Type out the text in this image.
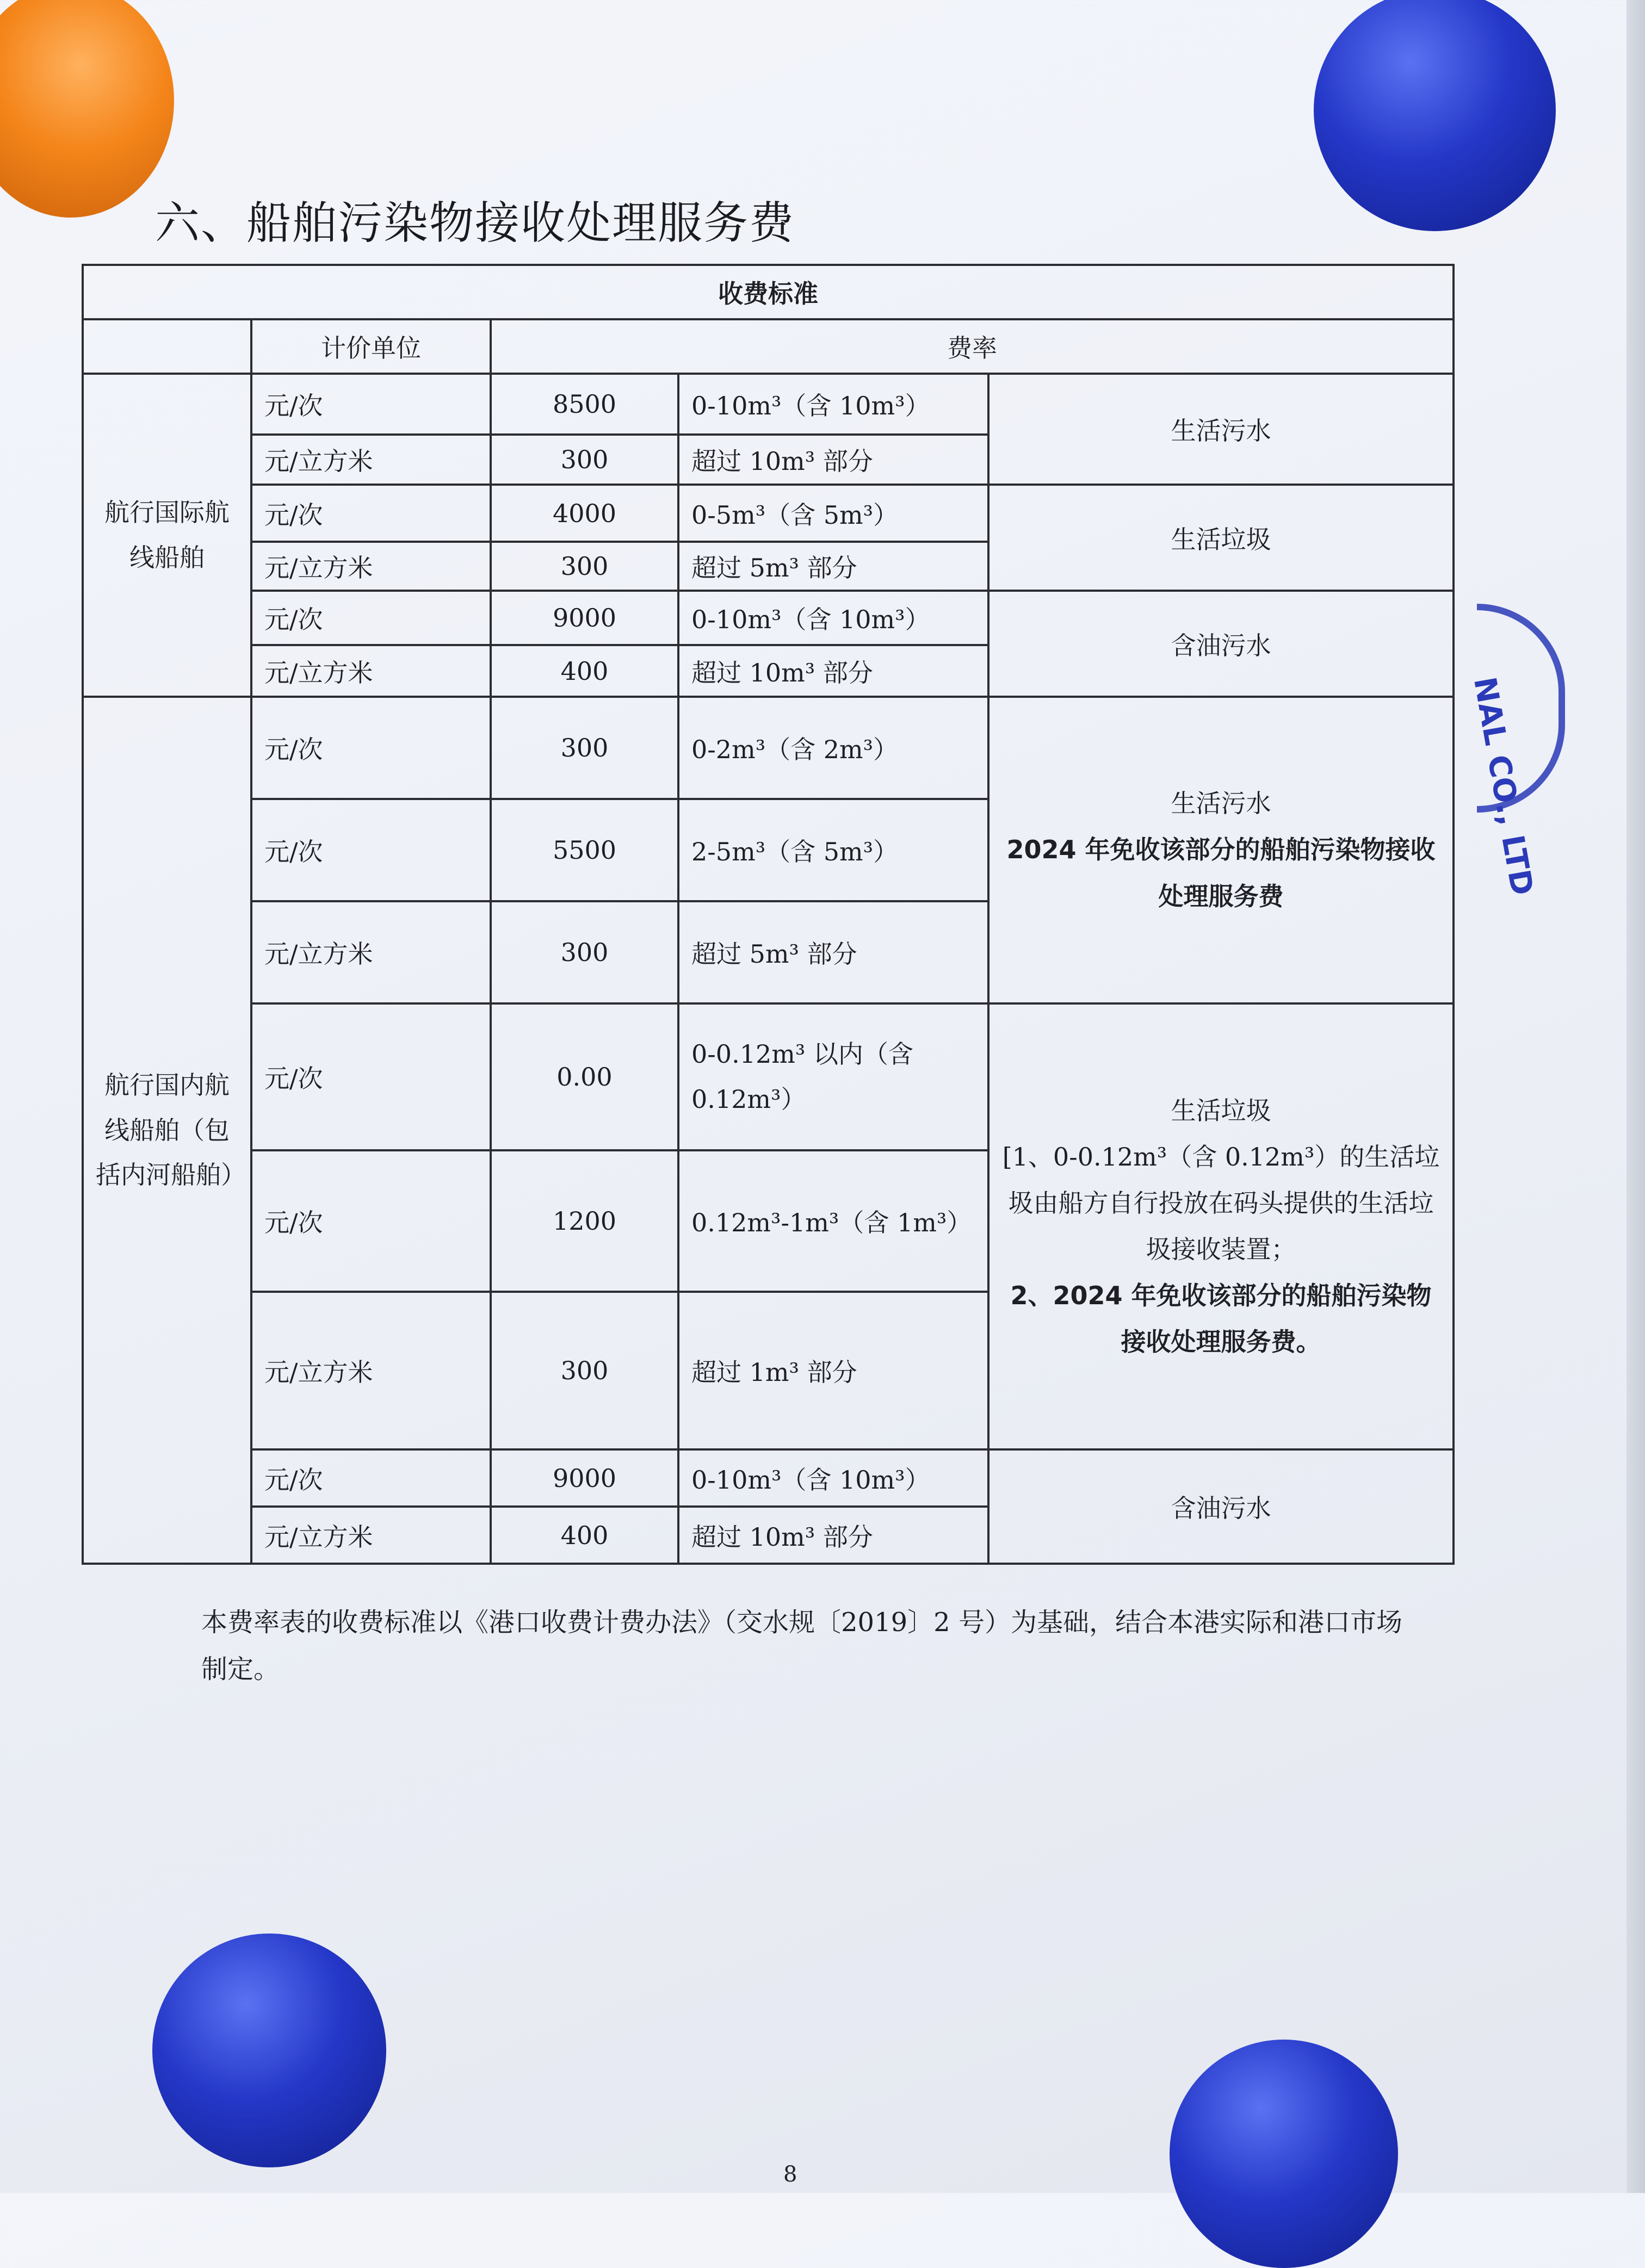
NAL CO., LTD
六、船舶污染物接收处理服务费
收费标准				
	计价单位	费率		
航行国际航线船舶	元/次	8500	0-10m³（含 10m³）	生活污水
	元/立方米	300	超过 10m³ 部分	
	元/次	4000	0-5m³（含 5m³）	生活垃圾
	元/立方米	300	超过 5m³ 部分	
	元/次	9000	0-10m³（含 10m³）	含油污水
	元/立方米	400	超过 10m³ 部分	
航行国内航线船舶（包括内河船舶）	元/次	300	0-2m³（含 2m³）	生活污水
2024 年免收该部分的船舶污染物接收处理服务费

	元/次	5500	2-5m³（含 5m³）	
	元/立方米	300	超过 5m³ 部分	
	元/次	0.00	0-0.12m³ 以内（含 0.12m³）	生活垃圾
[1、0-0.12m³（含 0.12m³）的生活垃圾由船方自行投放在码头提供的生活垃圾接收装置；
2、2024 年免收该部分的船舶污染物接收处理服务费。

	元/次	1200	0.12m³-1m³（含 1m³）	
	元/立方米	300	超过 1m³ 部分	
	元/次	9000	0-10m³（含 10m³）	含油污水
	元/立方米	400	超过 10m³ 部分	
本费率表的收费标准以《港口收费计费办法》（交水规〔2019〕2 号）为基础，结合本港实际和港口市场制定。
8
